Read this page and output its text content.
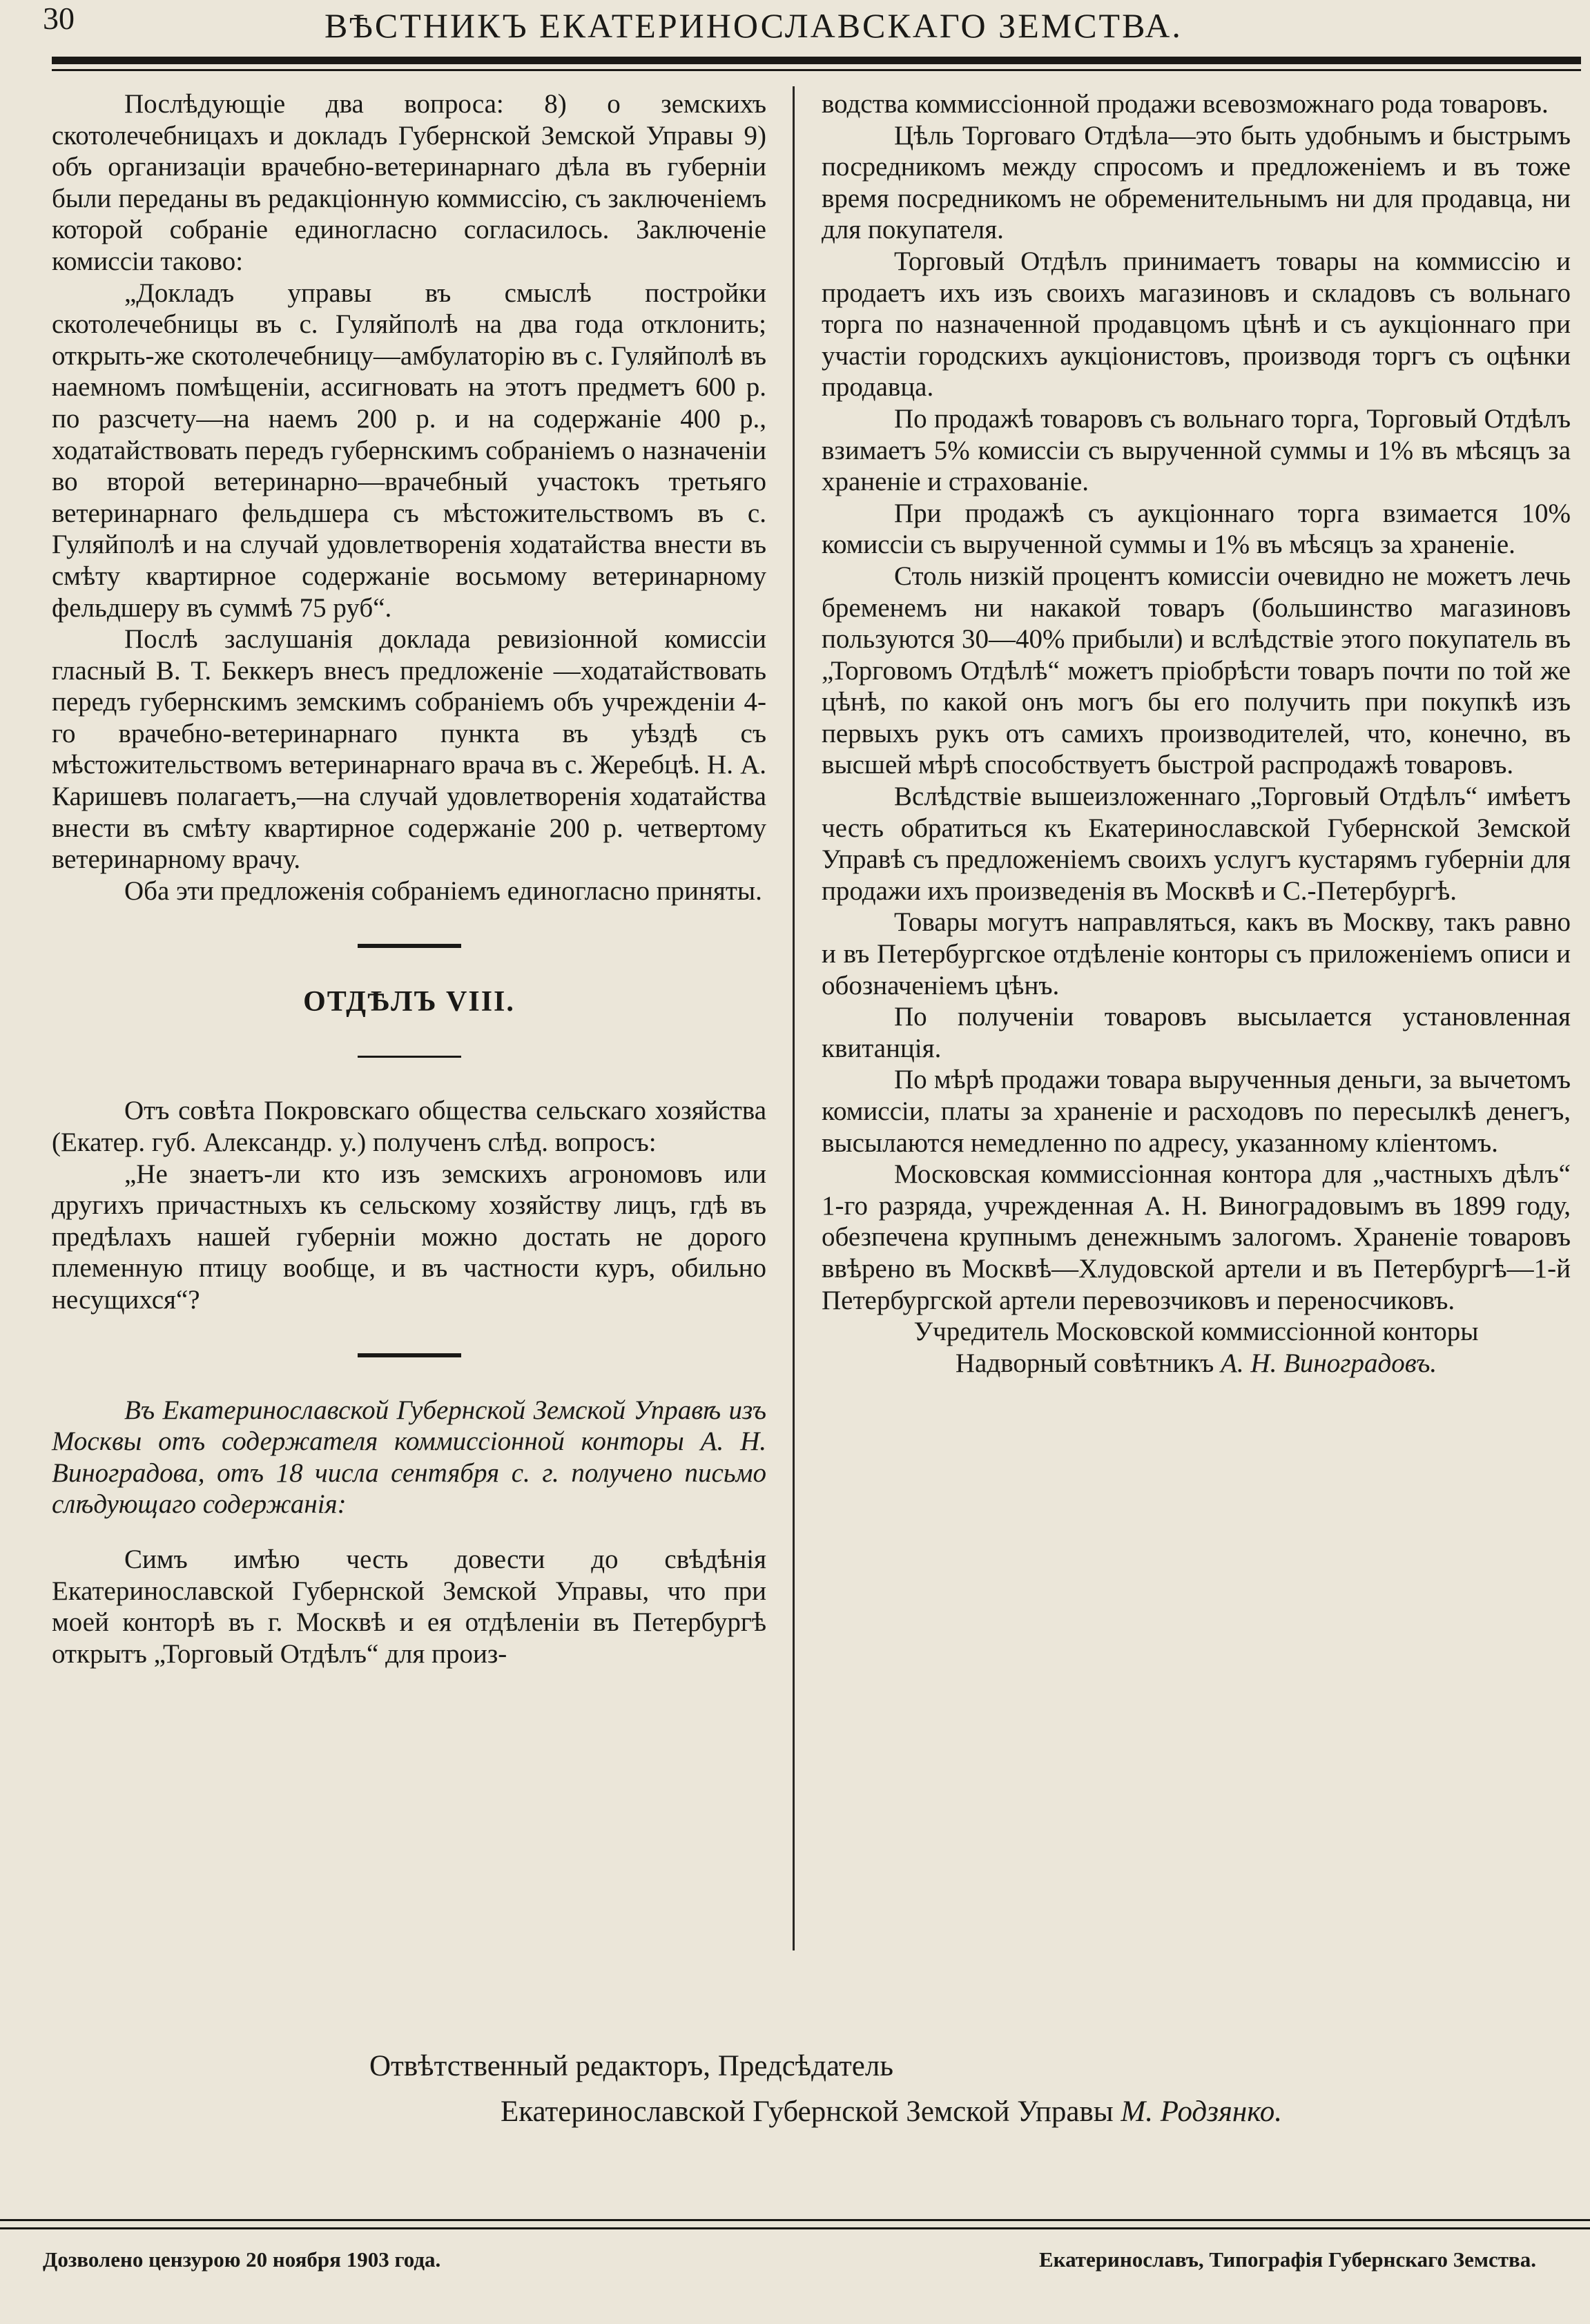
30	ВѢСТНИКЪ ЕКАТЕРИНОСЛАВСКАГО ЗЕМСТВА.

Послѣдующіе два вопроса: 8) о земскихъ скотолечебницахъ и докладъ Губернской Земской Управы 9) объ организаціи врачебно-ветеринарнаго дѣла въ губерніи были переданы въ редакціонную коммиссію, съ заключеніемъ которой собраніе единогласно согласилось. Заключеніе комиссіи таково:

„Докладъ управы въ смыслѣ постройки скотолечебницы въ с. Гуляйполѣ на два года отклонить; открыть-же скотолечебницу—амбулаторію въ с. Гуляйполѣ въ наемномъ помѣщеніи, ассигновать на этотъ предметъ 600 р. по разсчету—на наемъ 200 р. и на содержаніе 400 р., ходатайствовать передъ губернскимъ собраніемъ о назначеніи во второй ветеринарно—врачебный участокъ третьяго ветеринарнаго фельдшера съ мѣстожительствомъ въ с. Гуляйполѣ и на случай удовлетворенія ходатайства внести въ смѣту квартирное содержаніе восьмому ветеринарному фельдшеру въ суммѣ 75 руб“.

Послѣ заслушанія доклада ревизіонной комиссіи гласный В. Т. Беккеръ внесъ предложеніе —ходатайствовать передъ губернскимъ земскимъ собраніемъ объ учрежденіи 4-го врачебно-ветеринарнаго пункта въ уѣздѣ съ мѣстожительствомъ ветеринарнаго врача въ с. Жеребцѣ. Н. А. Каришевъ полагаетъ,—на случай удовлетворенія ходатайства внести въ смѣту квартирное содержаніе 200 р. четвертому ветеринарному врачу.

Оба эти предложенія собраніемъ единогласно приняты.

ОТДѢЛЪ VIII.

Отъ совѣта Покровскаго общества сельскаго хозяйства (Екатер. губ. Александр. у.) полученъ слѣд. вопросъ:

„Не знаетъ-ли кто изъ земскихъ агрономовъ или другихъ причастныхъ къ сельскому хозяйству лицъ, гдѣ въ предѣлахъ нашей губерніи можно достать не дорого племенную птицу вообще, и въ частности куръ, обильно несущихся“?

Въ Екатеринославской Губернской Земской Управѣ изъ Москвы отъ содержателя коммиссіонной конторы А. Н. Виноградова, отъ 18 числа сентября с. г. получено письмо слѣдующаго содержанія:

Симъ имѣю честь довести до свѣдѣнія Екатеринославской Губернской Земской Управы, что при моей конторѣ въ г. Москвѣ и ея отдѣленіи въ Петербургѣ открытъ „Торговый Отдѣлъ“ для произ-

водства коммиссіонной продажи всевозможнаго рода товаровъ.

Цѣль Торговаго Отдѣла—это быть удобнымъ и быстрымъ посредникомъ между спросомъ и предложеніемъ и въ тоже время посредникомъ не обременительнымъ ни для продавца, ни для покупателя.

Торговый Отдѣлъ принимаетъ товары на коммиссію и продаетъ ихъ изъ своихъ магазиновъ и складовъ съ вольнаго торга по назначенной продавцомъ цѣнѣ и съ аукціоннаго при участіи городскихъ аукціонистовъ, производя торгъ съ оцѣнки продавца.

По продажѣ товаровъ съ вольнаго торга, Торговый Отдѣлъ взимаетъ 5% комиссіи съ вырученной суммы и 1% въ мѣсяцъ за храненіе и страхованіе.

При продажѣ съ аукціоннаго торга взимается 10% комиссіи съ вырученной суммы и 1% въ мѣсяцъ за храненіе.

Столь низкій процентъ комиссіи очевидно не можетъ лечь бременемъ ни накакой товаръ (большинство магазиновъ пользуются 30—40% прибыли) и вслѣдствіе этого покупатель въ „Торговомъ Отдѣлѣ“ можетъ пріобрѣсти товаръ почти по той же цѣнѣ, по какой онъ могъ бы его получить при покупкѣ изъ первыхъ рукъ отъ самихъ производителей, что, конечно, въ высшей мѣрѣ способствуетъ быстрой распродажѣ товаровъ.

Вслѣдствіе вышеизложеннаго „Торговый Отдѣлъ“ имѣетъ честь обратиться къ Екатеринославской Губернской Земской Управѣ съ предложеніемъ своихъ услугъ кустарямъ губерніи для продажи ихъ произведенія въ Москвѣ и С.-Петербургѣ.

Товары могутъ направляться, какъ въ Москву, такъ равно и въ Петербургское отдѣленіе конторы съ приложеніемъ описи и обозначеніемъ цѣнъ.

По полученіи товаровъ высылается установленная квитанція.

По мѣрѣ продажи товара вырученныя деньги, за вычетомъ комиссіи, платы за храненіе и расходовъ по пересылкѣ денегъ, высылаются немедленно по адресу, указанному кліентомъ.

Московская коммиссіонная контора для „частныхъ дѣлъ“ 1-го разряда, учрежденная А. Н. Виноградовымъ въ 1899 году, обезпечена крупнымъ денежнымъ залогомъ. Храненіе товаровъ ввѣрено въ Москвѣ—Хлудовской артели и въ Петербургѣ—1-й Петербургской артели перевозчиковъ и переносчиковъ.

Учредитель Московской коммиссіонной конторы
Надворный совѣтникъ А. Н. Виноградовъ.
Отвѣтственный редакторъ, Предсѣдатель
Екатеринославской Губернской Земской Управы М. Родзянко.
Дозволено цензурою 20 ноября 1903 года.	Екатеринославъ, Типографія Губернскаго Земства.
